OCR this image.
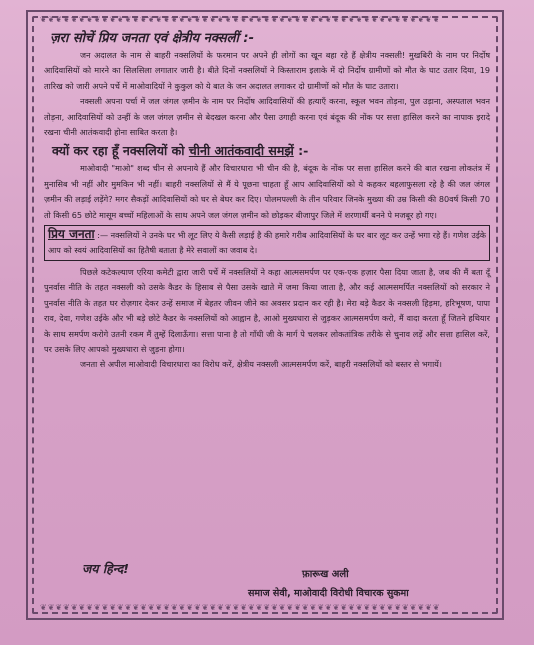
❦❦❦❦❦❦❦❦❦❦❦❦❦❦❦❦❦❦❦❦❦❦❦❦❦❦❦❦❦❦❦❦❦❦❦❦❦❦❦❦❦❦❦❦❦❦❦❦❦❦❦❦
ज़रा सोचें प्रिय जनता एवं क्षेत्रीय नक्सलीं :-

जन अदालत के नाम से बाहरी नक्सलियों के फरमान पर अपने ही लोगों का खून बहा रहे हैं क्षेत्रीय नक्सली! मुखबिरी के नाम पर निर्दोष आदिवासियों को मारने का सिलसिला लगातार जारी है। बीते दिनों नक्सलियों ने किस्ताराम इलाके में दो निर्दोष ग्रामीणों को मौत के घाट उतार दिया, 19 तारिख को जारी अपने पर्चे में माओवादियों ने कुकुल को ये बात के जन अदालत लगाकर दो ग्रामीणों को मौत के घाट उतारा।

नक्सली अपना पर्चा में जल जंगल ज़मीन के नाम पर निर्दोष आदिवासियों की हत्याएँ करना, स्कूल भवन तोड़ना, पुल उड़ाना, अस्पताल भवन तोड़ना, आदिवासियों को उन्हीं के जल जंगल ज़मीन से बेदखल करना और पैसा उगाही करना एवं बंदूक की नोंक पर सत्ता हासिल करने का नापाक इरादे रखना चीनी आतंकवादी होना साबित करता है।

क्यों कर रहा हूँ नक्सलियों को चीनी आतंकवादी समझें :-

माओवादी "माओ" शब्द चीन से अपनाये हैं और विचारधारा भी चीन की है, बंदूक के नोंक पर सत्ता हासिल करने की बात रखना लोकतंत्र में मुनासिब भी नहीं और मुमकिन भी नहीं। बाहरी नक्सलियों से मैं ये पूछना चाहता हूँ आप आदिवासियों को ये कहकर बहलाफुसला रहे है की जल जंगल ज़मीन की लड़ाई लड़ेंगे? मगर सैकड़ों आदिवासियों को घर से बेघर कर दिए। पोलमपल्ली के तीन परिवार जिनके मुख्या की उम्र किसी की 80वर्ष किसी 70 तो किसी 65 छोटे मासूम बच्चों महिलाओं के साथ अपने जल जंगल ज़मीन को छोड़कर बीजापुर जिले में शरणार्थी बनने पे मजबूर हो गए।

प्रिय जनता :— नक्सलियों ने उनके घर भी लूट लिए ये कैसी लड़ाई है की हमारे गरीब आदिवासियों के घर बार लूट कर उन्हें भगा रहे हैं। गणेश उईके आप को स्वयं आदिवासियों का हितैषी बताता है मेरे सवालों का जवाब दे।

पिछले कटेकल्याण एरिया कमेटी द्वारा जारी पर्चे में नक्सलियों ने कहा आत्मसमर्पण पर एक-एक हज़ार पैसा दिया जाता है, जब की मैं बता दूँ पुनर्वास नीति के तहत नक्सली को उसके कैडर के हिसाब से पैसा उसके खाते में जमा किया जाता है, और कई आत्मसमर्पित नक्सलियों को सरकार ने पुनर्वास नीति के तहत घर रोज़गार देकर उन्हें समाज में बेहतर जीवन जीने का अवसर प्रदान कर रही है। मेरा बड़े कैडर के नक्सली हिड़मा, हरिभूषण, पापा राव, देवा, गणेश उईके और भी बड़े छोटे कैडर के नक्सलियों को आह्वान है, आओ मुख्यधारा से जुड़कर आत्मसमर्पण करो, मैं वादा करता हूँ जितने हथियार के साथ समर्पण करोगे उतनी रकम मैं तुम्हें दिलाऊँगा। सत्ता पाना है तो गाँधी जी के मार्ग पे चलकर लोकतांत्रिक तरीके से चुनाव लड़ें और सत्ता हासिल करें, पर उसके लिए आपको मुख्यधारा से जुड़ना होगा।

जनता से अपील माओवादी विचारधारा का विरोध करें, क्षेत्रीय नक्सली आत्मसमर्पण करें, बाहरी नक्सलियों को बस्तर से भगायें।

जय हिन्द!	फ़ारूख अली
समाज सेवी, माओवादी विरोधी विचारक सुकमा
❦❦❦❦❦❦❦❦❦❦❦❦❦❦❦❦❦❦❦❦❦❦❦❦❦❦❦❦❦❦❦❦❦❦❦❦❦❦❦❦❦❦❦❦❦❦❦❦❦❦❦❦
